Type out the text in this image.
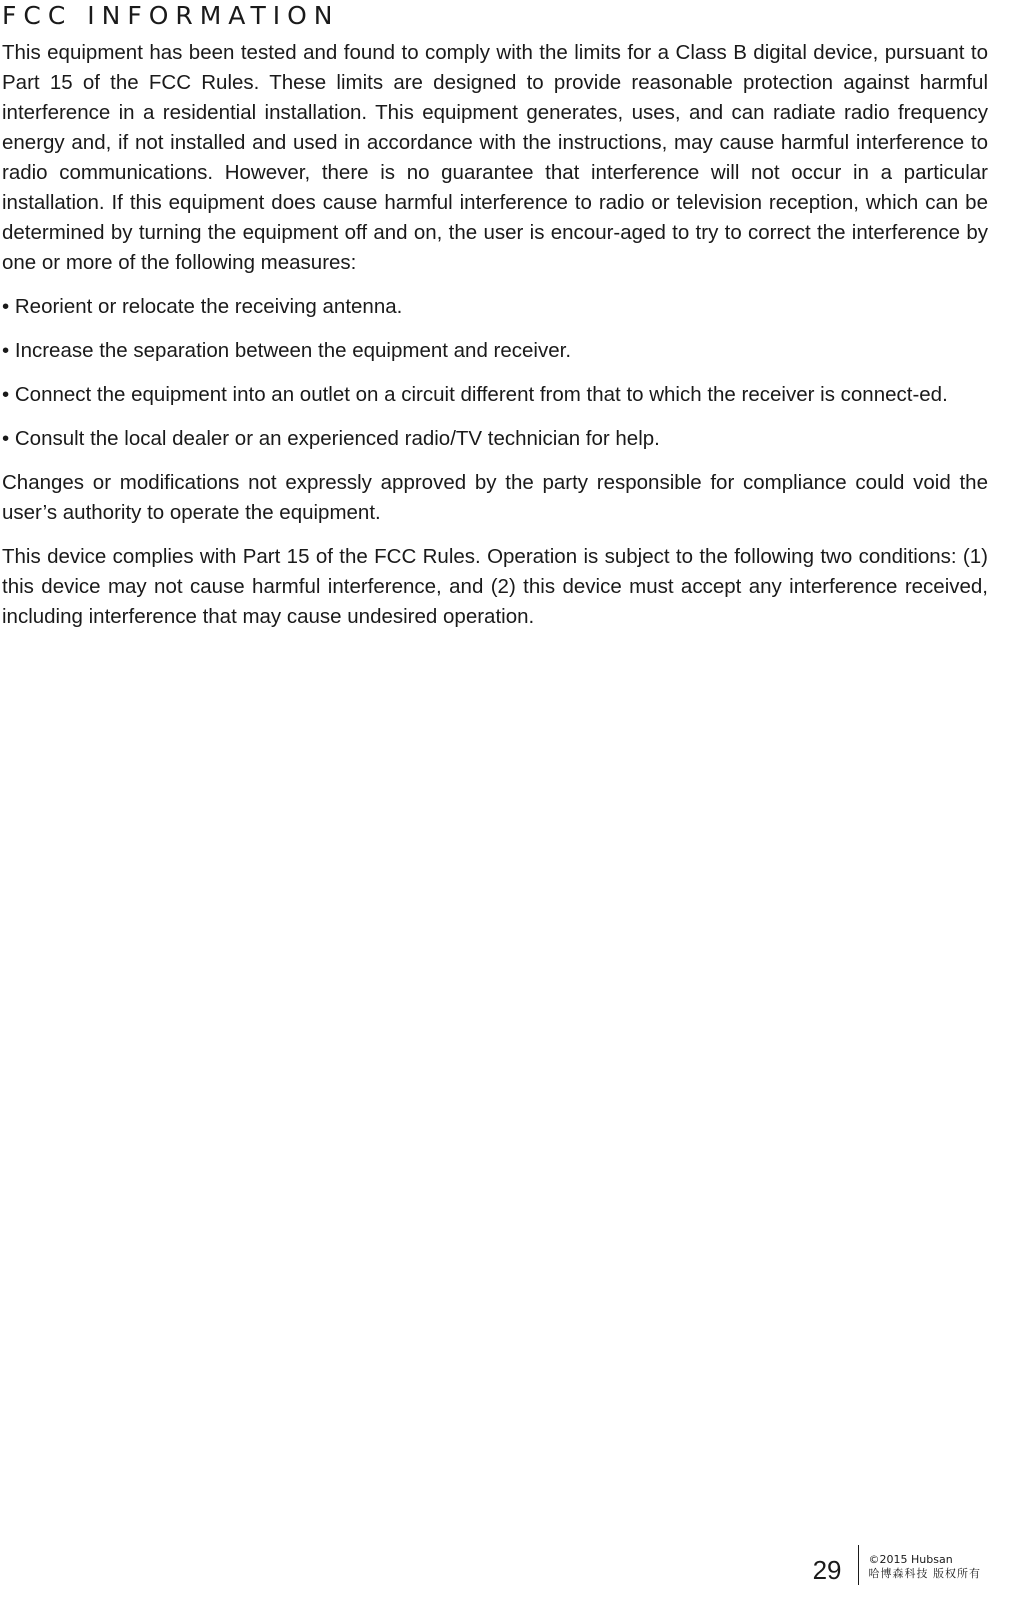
FCC INFORMATION

This equipment has been tested and found to comply with the limits for a Class B digital device, pursuant to Part 15 of the FCC Rules. These limits are designed to provide reasonable protection against harmful interference in a residential installation. This equipment generates, uses, and can radiate radio frequency energy and, if not installed and used in accordance with the instructions, may cause harmful interference to radio communications. However, there is no guarantee that interference will not occur in a particular installation. If this equipment does cause harmful interference to radio or television reception, which can be determined by turning the equipment off and on, the user is encour-aged to try to correct the interference by one or more of the following measures:

• Reorient or relocate the receiving antenna.

• Increase the separation between the equipment and receiver.

• Connect the equipment into an outlet on a circuit different from that to which the receiver is connect-ed.

• Consult the local dealer or an experienced radio/TV technician for help.

Changes or modifications not expressly approved by the party responsible for compliance could void the user’s authority to operate the equipment.

This device complies with Part 15 of the FCC Rules. Operation is subject to the following two conditions: (1) this device may not cause harmful interference, and (2) this device must accept any interference received, including interference that may cause undesired operation.

29	©2015 Hubsan
哈博森科技 版权所有
